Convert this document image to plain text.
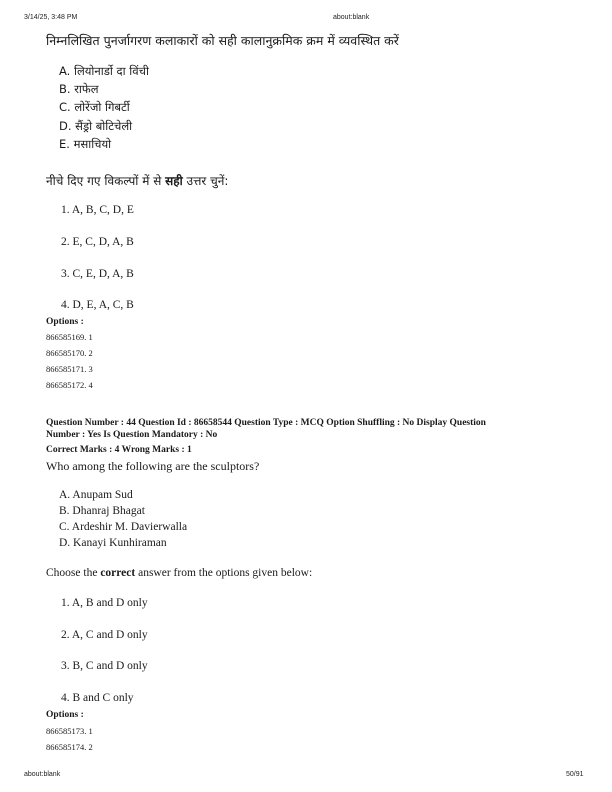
3/14/25, 3:48 PM	about:blank
निम्नलिखित पुनर्जागरण कलाकारों को सही कालानुक्रमिक क्रम में व्यवस्थित करें
A. लियोनार्डो दा विंची
B. राफेल
C. लोरेंजो गिबर्टी
D. सैंड्रो बोटिचेली
E. मसाचियो
नीचे दिए गए विकल्पों में से सही उत्तर चुनें:
1. A, B, C, D, E
2. E, C, D, A, B
3. C, E, D, A, B
4. D, E, A, C, B
Options :
866585169. 1
866585170. 2
866585171. 3
866585172. 4
Question Number : 44 Question Id : 86658544 Question Type : MCQ Option Shuffling : No Display Question
Number : Yes Is Question Mandatory : No
Correct Marks : 4 Wrong Marks : 1
Who among the following are the sculptors?
A. Anupam Sud
B. Dhanraj Bhagat
C. Ardeshir M. Davierwalla
D. Kanayi Kunhiraman
Choose the correct answer from the options given below:
1. A, B and D only
2. A, C and D only
3. B, C and D only
4. B and C only
Options :
866585173. 1
866585174. 2
about:blank	50/91
